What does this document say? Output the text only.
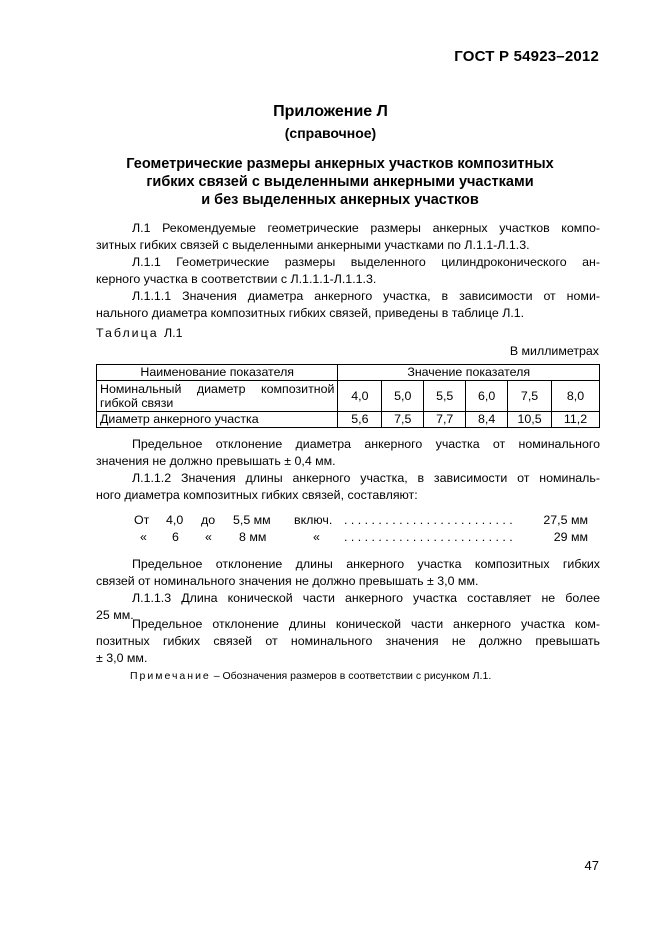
ГОСТ Р 54923–2012
Приложение Л
(справочное)
Геометрические размеры анкерных участков композитных
гибких связей с выделенными анкерными участками
и без выделенных анкерных участков
Л.1 Рекомендуемые геометрические размеры анкерных участков компо-
зитных гибких связей с выделенными анкерными участками по Л.1.1-Л.1.3.
Л.1.1 Геометрические размеры выделенного цилиндроконического ан-
керного участка в соответствии с Л.1.1.1-Л.1.1.3.
Л.1.1.1 Значения диаметра анкерного участка, в зависимости от номи-
нального диаметра композитных гибких связей, приведены в таблице Л.1.
Таблица Л.1
В миллиметрах
Наименование показателя	Значение показателя					

Номинальный диаметр композитной
гибкой связи	4,0	5,0	5,5	6,0	7,5	8,0
Диаметр анкерного участка	5,6	7,5	7,7	8,4	10,5	11,2
Предельное отклонение диаметра анкерного участка от номинального
значения не должно превышать ± 0,4 мм.
Л.1.1.2 Значения длины анкерного участка, в зависимости от номиналь-
ного диаметра композитных гибких связей, составляют:
От 4,0 до 5,5 мм включ. . . . . . . . . . . . . . . . . . . . . . . . . . 27,5 мм
« 6 « 8 мм	« . . . . . . . . . . . . . . . . . . . . . . . . .	29 мм
Предельное отклонение длины анкерного участка композитных гибких
связей от номинального значения не должно превышать ± 3,0 мм.
Л.1.1.3 Длина конической части анкерного участка составляет не более
25 мм.
Предельное отклонение длины конической части анкерного участка ком-
позитных гибких связей от номинального значения не должно превышать
± 3,0 мм.
Примечание – Обозначения размеров в соответствии с рисунком Л.1.
47
